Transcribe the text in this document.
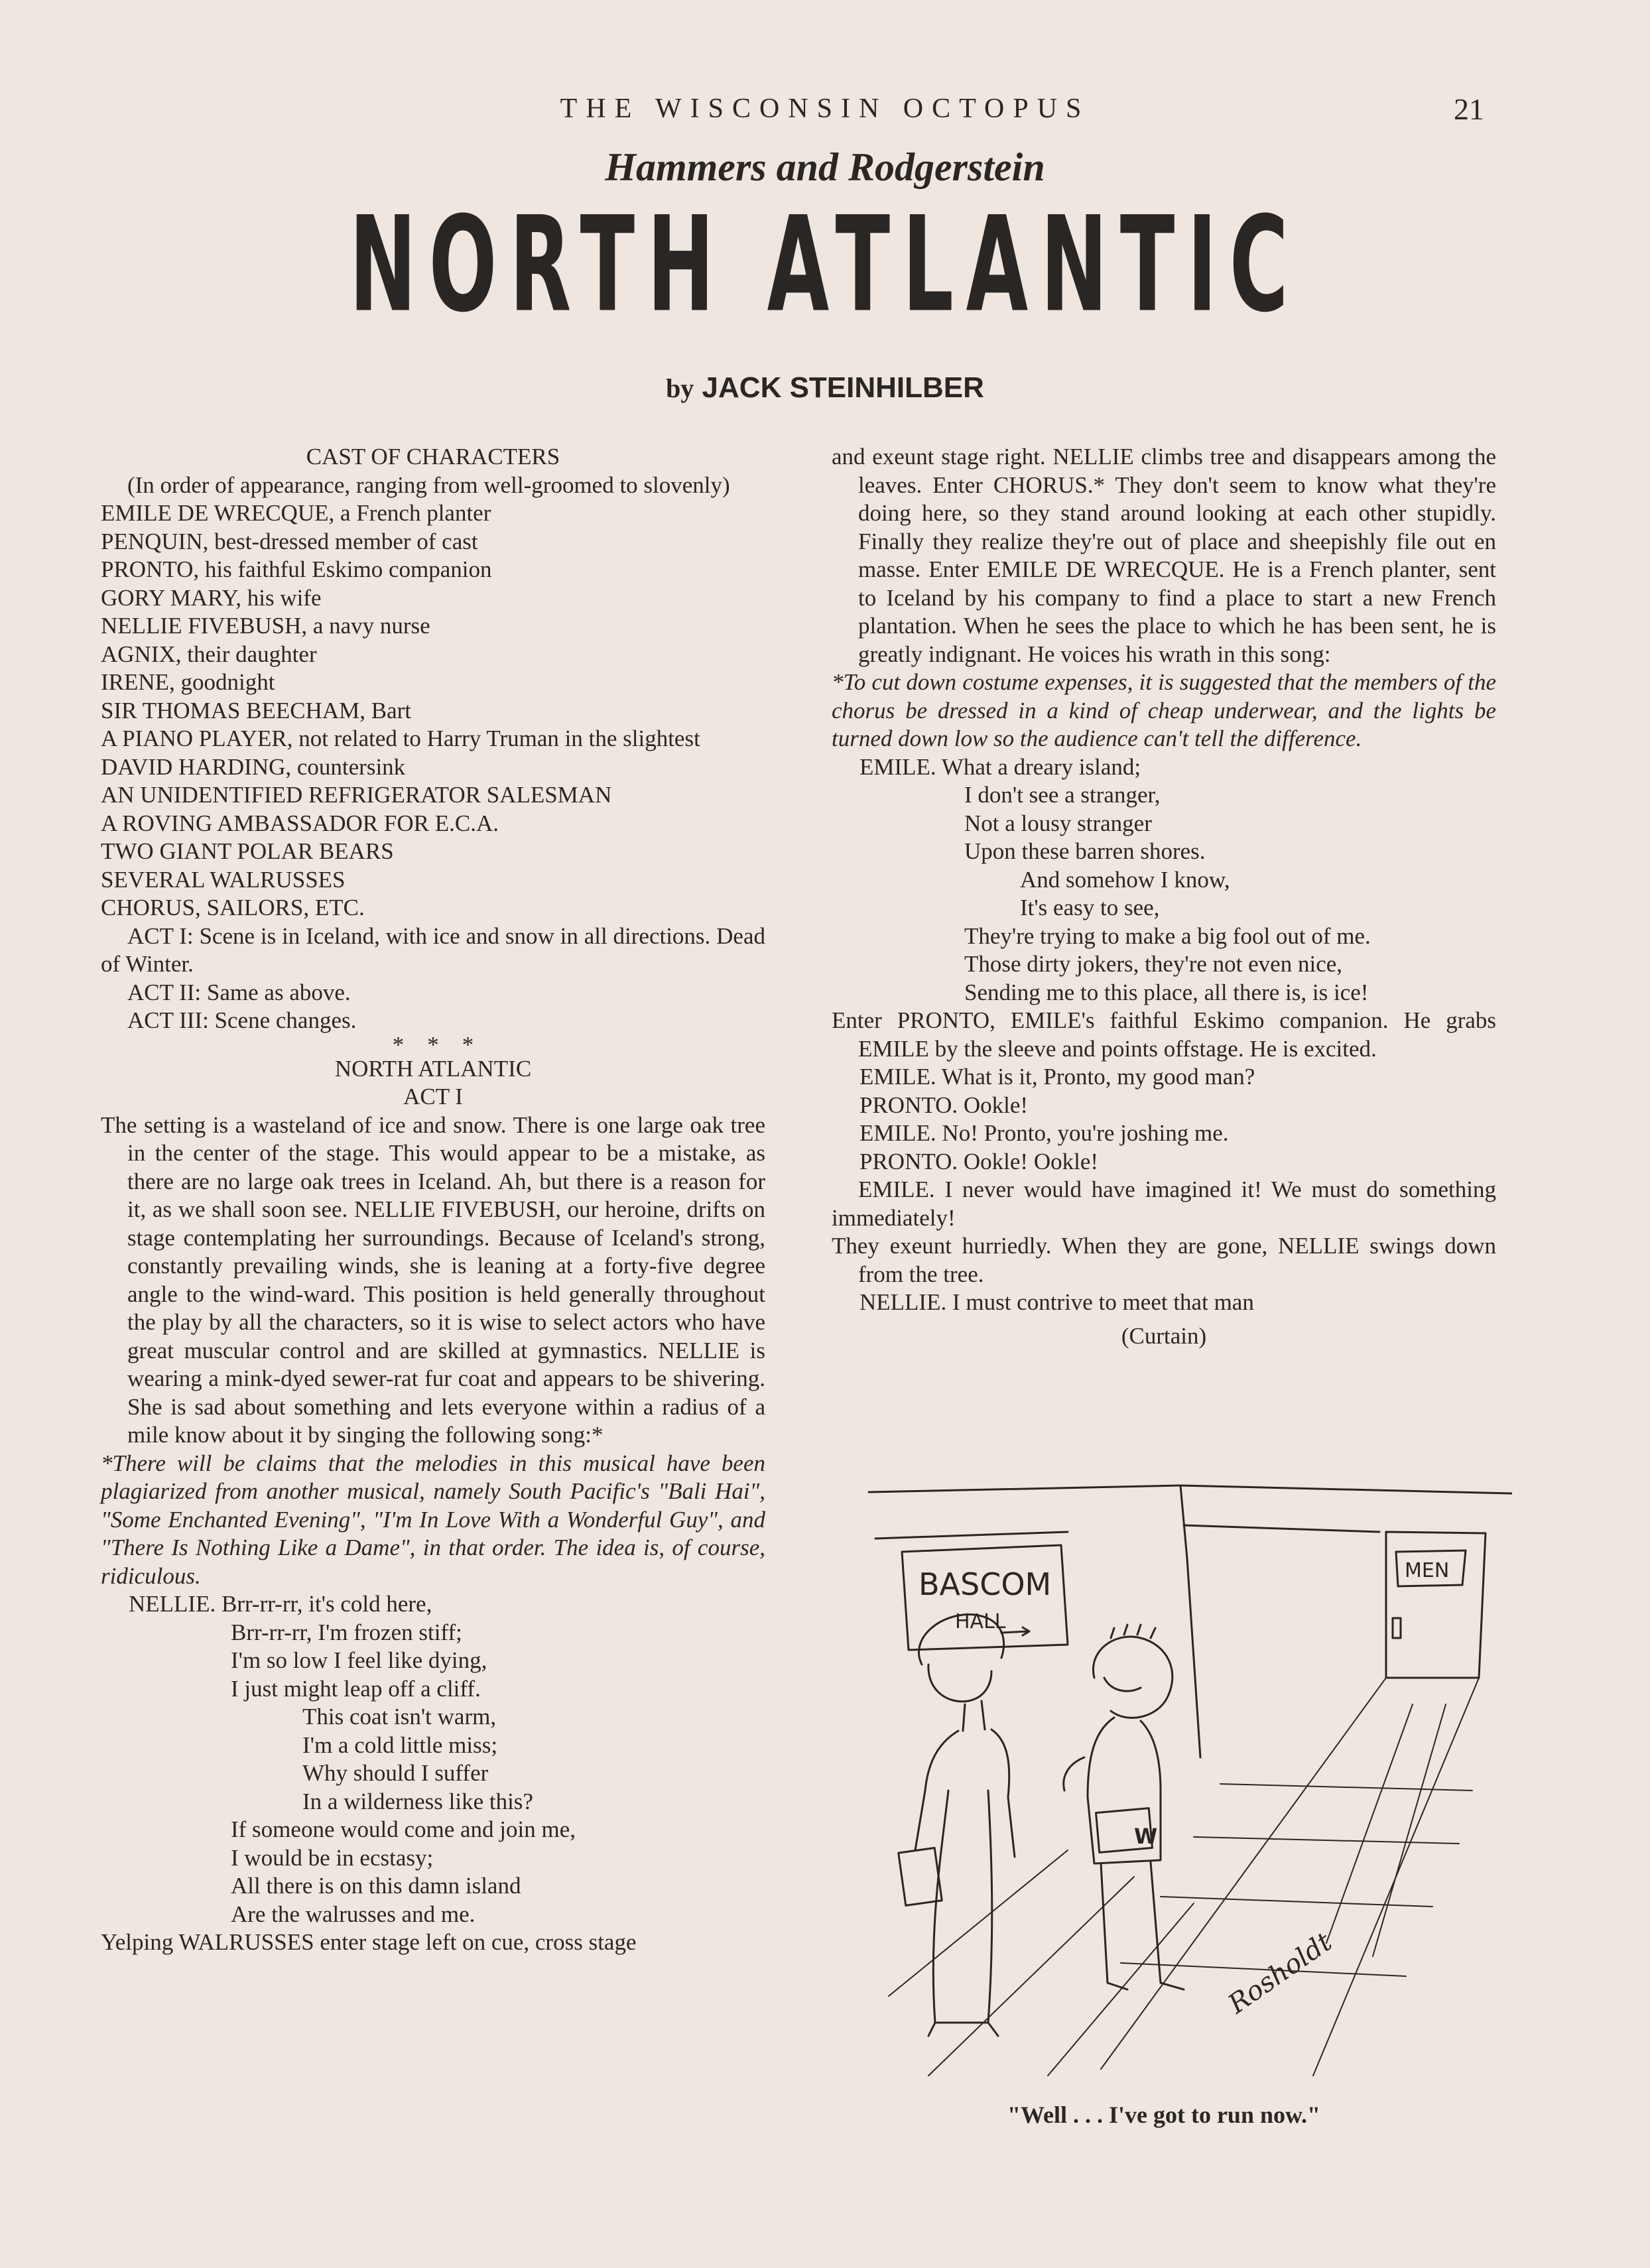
THE WISCONSIN OCTOPUS	21
Hammers and Rodgerstein
NORTH ATLANTIC
by JACK STEINHILBER

CAST OF CHARACTERS

(In order of appearance, ranging from well-groomed to slovenly)

EMILE DE WRECQUE, a French planter

PENQUIN, best-dressed member of cast

PRONTO, his faithful Eskimo companion

GORY MARY, his wife

NELLIE FIVEBUSH, a navy nurse

AGNIX, their daughter

IRENE, goodnight

SIR THOMAS BEECHAM, Bart

A PIANO PLAYER, not related to Harry Truman in the slightest

DAVID HARDING, countersink

AN UNIDENTIFIED REFRIGERATOR SALESMAN

A ROVING AMBASSADOR FOR E.C.A.

TWO GIANT POLAR BEARS

SEVERAL WALRUSSES

CHORUS, SAILORS, ETC.

ACT I: Scene is in Iceland, with ice and snow in all directions. Dead of Winter.

ACT II: Same as above.

ACT III: Scene changes.

*    *    *

NORTH ATLANTIC

ACT I

The setting is a wasteland of ice and snow. There is one large oak tree in the center of the stage. This would appear to be a mistake, as there are no large oak trees in Iceland. Ah, but there is a reason for it, as we shall soon see. NELLIE FIVEBUSH, our heroine, drifts on stage contemplating her surroundings. Because of Iceland's strong, constantly prevailing winds, she is leaning at a forty-five degree angle to the wind-ward. This position is held generally throughout the play by all the characters, so it is wise to select actors who have great muscular control and are skilled at gymnastics. NELLIE is wearing a mink-dyed sewer-rat fur coat and appears to be shivering. She is sad about something and lets everyone within a radius of a mile know about it by singing the following song:*

*There will be claims that the melodies in this musical have been plagiarized from another musical, namely South Pacific's "Bali Hai", "Some Enchanted Evening", "I'm In Love With a Wonderful Guy", and "There Is Nothing Like a Dame", in that order. The idea is, of course, ridiculous.

NELLIE. Brr-rr-rr, it's cold here,

Brr-rr-rr, I'm frozen stiff;

I'm so low I feel like dying,

I just might leap off a cliff.

This coat isn't warm,

I'm a cold little miss;

Why should I suffer

In a wilderness like this?

If someone would come and join me,

I would be in ecstasy;

All there is on this damn island

Are the walrusses and me.

Yelping WALRUSSES enter stage left on cue, cross stage

and exeunt stage right. NELLIE climbs tree and disappears among the leaves. Enter CHORUS.* They don't seem to know what they're doing here, so they stand around looking at each other stupidly. Finally they realize they're out of place and sheepishly file out en masse. Enter EMILE DE WRECQUE. He is a French planter, sent to Iceland by his company to find a place to start a new French plantation. When he sees the place to which he has been sent, he is greatly indignant. He voices his wrath in this song:

*To cut down costume expenses, it is suggested that the members of the chorus be dressed in a kind of cheap underwear, and the lights be turned down low so the audience can't tell the difference.

EMILE. What a dreary island;

I don't see a stranger,

Not a lousy stranger

Upon these barren shores.

And somehow I know,

It's easy to see,

They're trying to make a big fool out of me.

Those dirty jokers, they're not even nice,

Sending me to this place, all there is, is ice!

Enter PRONTO, EMILE's faithful Eskimo companion. He grabs EMILE by the sleeve and points offstage. He is excited.

EMILE. What is it, Pronto, my good man?

PRONTO. Ookle!

EMILE. No! Pronto, you're joshing me.

PRONTO. Ookle! Ookle!

EMILE. I never would have imagined it! We must do something immediately!

They exeunt hurriedly. When they are gone, NELLIE swings down from the tree.

NELLIE. I must contrive to meet that man

(Curtain)

BASCOM
HALL
MEN
W
Rosholdt
"Well . . . I've got to run now."
